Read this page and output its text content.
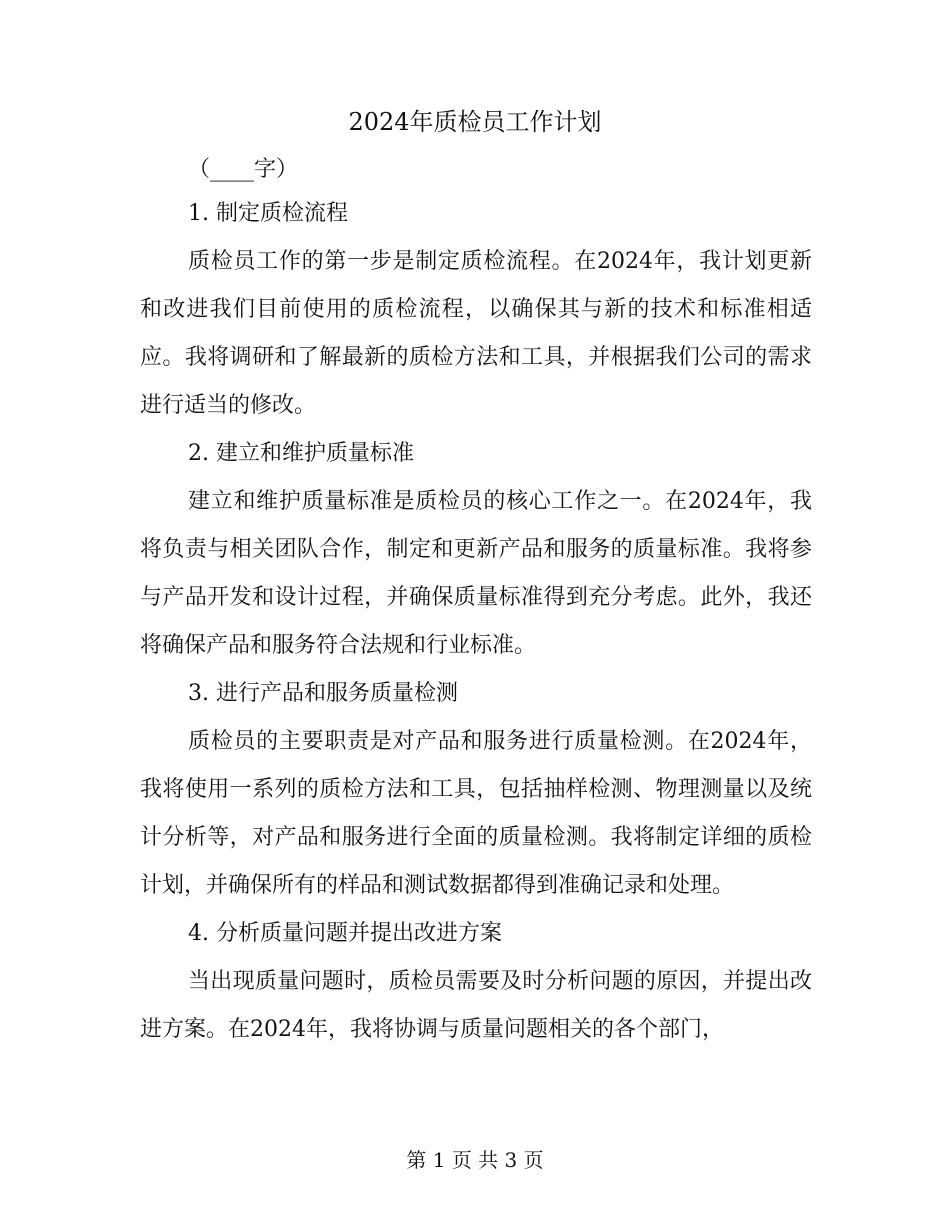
2024年质检员工作计划
（____字）
1. 制定质检流程
质检员工作的第一步是制定质检流程。在2024年，我计划更新和改进我们目前使用的质检流程，以确保其与新的技术和标准相适应。我将调研和了解最新的质检方法和工具，并根据我们公司的需求进行适当的修改。
2. 建立和维护质量标准
建立和维护质量标准是质检员的核心工作之一。在2024年，我将负责与相关团队合作，制定和更新产品和服务的质量标准。我将参与产品开发和设计过程，并确保质量标准得到充分考虑。此外，我还将确保产品和服务符合法规和行业标准。
3. 进行产品和服务质量检测
质检员的主要职责是对产品和服务进行质量检测。在2024年，我将使用一系列的质检方法和工具，包括抽样检测、物理测量以及统计分析等，对产品和服务进行全面的质量检测。我将制定详细的质检计划，并确保所有的样品和测试数据都得到准确记录和处理。
4. 分析质量问题并提出改进方案
当出现质量问题时，质检员需要及时分析问题的原因，并提出改进方案。在2024年，我将协调与质量问题相关的各个部门，
第 1 页 共 3 页
